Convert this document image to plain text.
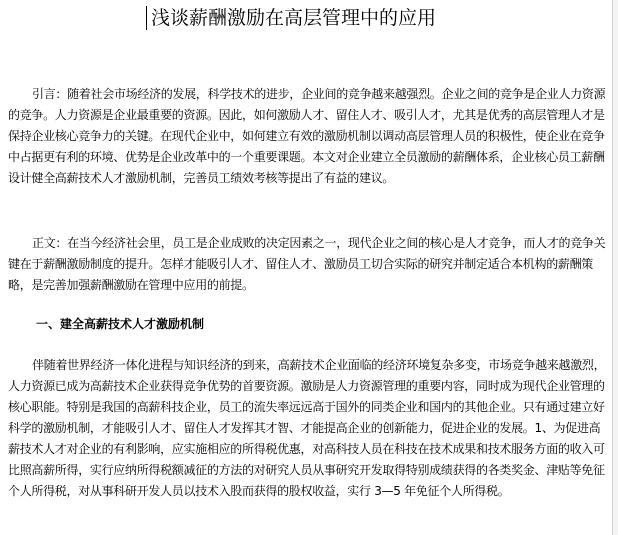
浅谈薪酬激励在高层管理中的应用

引言：随着社会市场经济的发展，科学技术的进步，企业间的竞争越来越强烈。企业之间的竞争是企业人力资源的竞争。人力资源是企业最重要的资源。因此，如何激励人才、留住人才、吸引人才，尤其是优秀的高层管理人才是保持企业核心竞争力的关键。在现代企业中，如何建立有效的激励机制以调动高层管理人员的积极性，使企业在竞争中占据更有利的环境、优势是企业改革中的一个重要课题。本文对企业建立全员激励的薪酬体系，企业核心员工薪酬设计健全高薪技术人才激励机制，完善员工绩效考核等提出了有益的建议。

正文：在当今经济社会里，员工是企业成败的决定因素之一，现代企业之间的核心是人才竞争，而人才的竞争关键在于薪酬激励制度的提升。怎样才能吸引人才、留住人才、激励员工切合实际的研究并制定适合本机构的薪酬策略，是完善加强薪酬激励在管理中应用的前提。

一、建全高薪技术人才激励机制

伴随着世界经济一体化进程与知识经济的到来，高薪技术企业面临的经济环境复杂多变，市场竞争越来越激烈，人力资源已成为高薪技术企业获得竞争优势的首要资源。激励是人力资源管理的重要内容，同时成为现代企业管理的核心职能。特别是我国的高薪科技企业，员工的流失率远远高于国外的同类企业和国内的其他企业。只有通过建立好科学的激励机制，才能吸引人才、留住人才发挥其才智、才能提高企业的创新能力，促进企业的发展。1、为促进高薪技术人才对企业的有利影响，应实施相应的所得税优惠，对高科技人员在科技在技术成果和技术服务方面的收入可比照高薪所得，实行应纳所得税额减征的方法的对研究人员从事研究开发取得特别成绩获得的各类奖金、津贴等免征个人所得税，对从事科研开发人员以技术入股而获得的股权收益，实行 3—5 年免征个人所得税。
